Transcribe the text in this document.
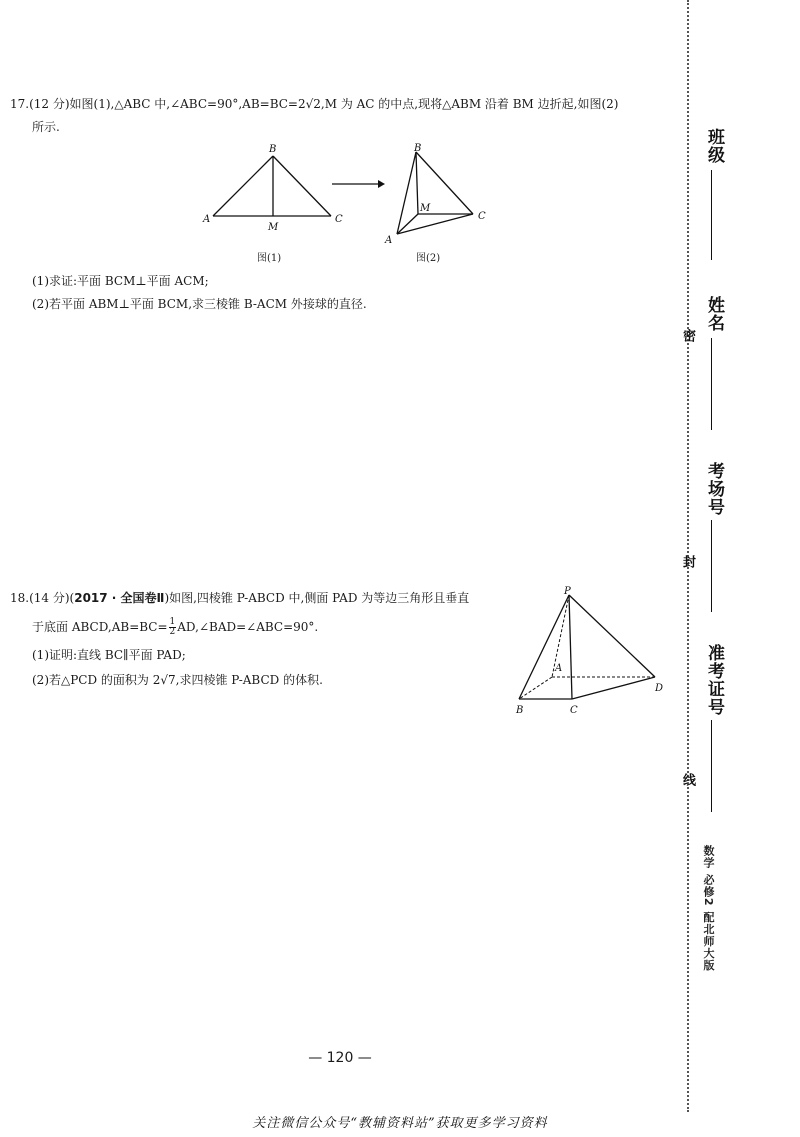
17.(12 分)如图(1),△ABC 中,∠ABC=90°,AB=BC=2√2,M 为 AC 的中点,现将△ABM 沿着 BM 边折起,如图(2)
所示.
B
A	C
M
图(1)
B
M
C
A
图(2)
(1)求证:平面 BCM⊥平面 ACM;
(2)若平面 ABM⊥平面 BCM,求三棱锥 B-ACM 外接球的直径.
18.(14 分)(2017 · 全国卷Ⅱ)如图,四棱锥 P-ABCD 中,侧面 PAD 为等边三角形且垂直
于底面 ABCD,AB=BC= $\frac{1}{2}$ AD,∠BAD=∠ABC=90°.
(1)证明:直线 BC∥平面 PAD;
(2)若△PCD 的面积为 2√7,求四棱锥 P-ABCD 的体积.
P
A
B	C
D
班级
姓名
考场号
准考证号
密
封
线
数学 必修2 配北师大版
— 120 —
关注微信公众号“教辅资料站”获取更多学习资料
